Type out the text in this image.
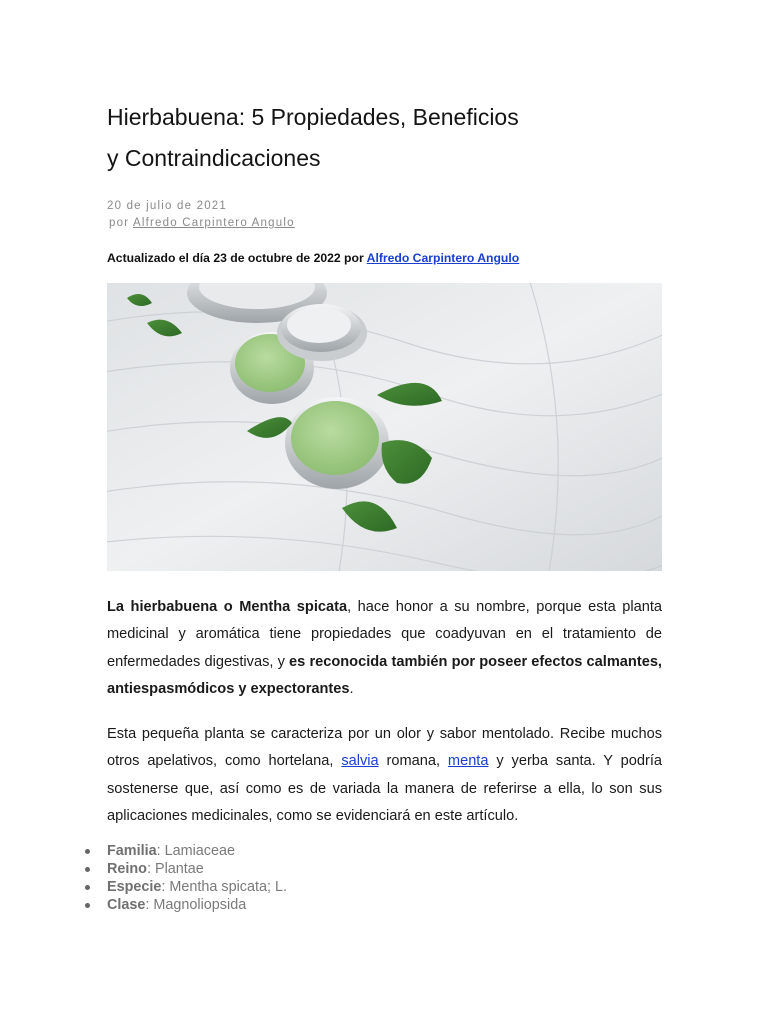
Hierbabuena: 5 Propiedades, Beneficios
y Contraindicaciones
20 de julio de 2021
por Alfredo Carpintero Angulo
Actualizado el día 23 de octubre de 2022 por Alfredo Carpintero Angulo

La hierbabuena o Mentha spicata, hace honor a su nombre, porque esta planta medicinal y aromática tiene propiedades que coadyuvan en el tratamiento de enfermedades digestivas, y es reconocida también por poseer efectos calmantes, antiespasmódicos y expectorantes.

Esta pequeña planta se caracteriza por un olor y sabor mentolado. Recibe muchos otros apelativos, como hortelana, salvia romana, menta y yerba santa. Y podría sostenerse que, así como es de variada la manera de referirse a ella, lo son sus aplicaciones medicinales, como se evidenciará en este artículo.

Familia: Lamiaceae
Reino: Plantae
Especie: Mentha spicata; L.
Clase: Magnoliopsida
